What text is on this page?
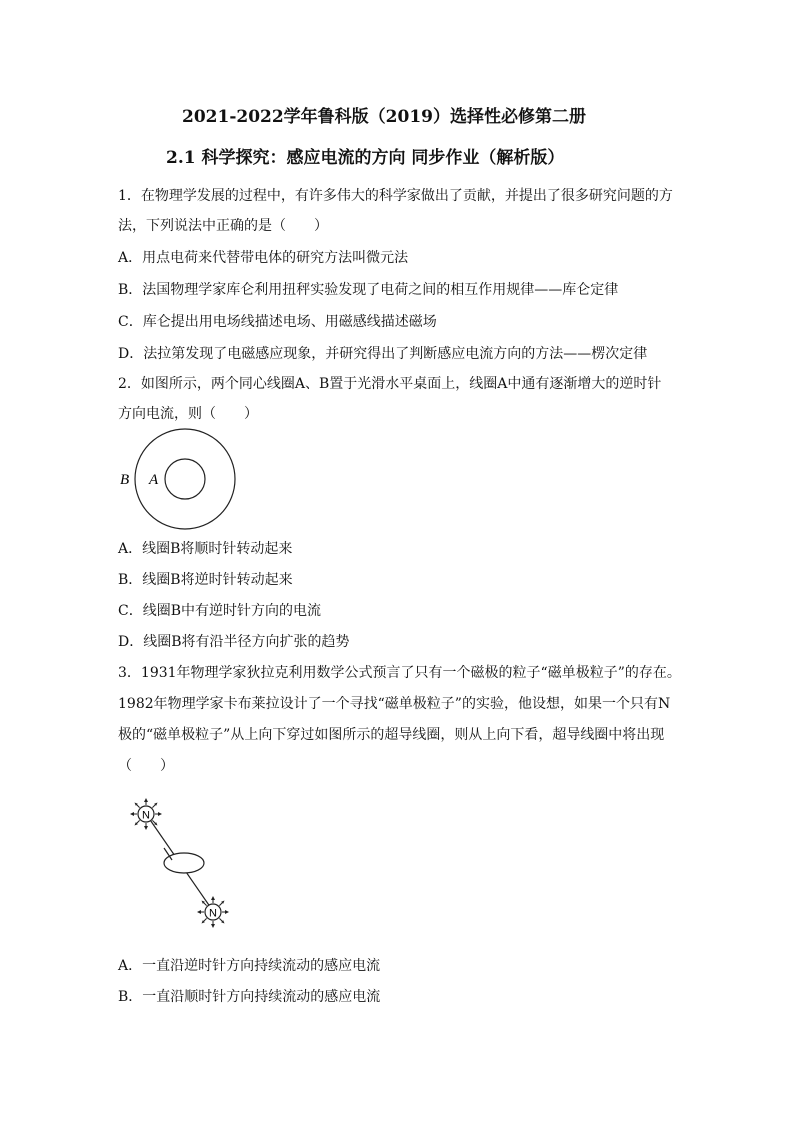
2021-2022学年鲁科版（2019）选择性必修第二册
2.1 科学探究：感应电流的方向 同步作业（解析版）
1．在物理学发展的过程中，有许多伟大的科学家做出了贡献，并提出了很多研究问题的方
法，下列说法中正确的是（　　）
A．用点电荷来代替带电体的研究方法叫微元法
B．法国物理学家库仑利用扭秤实验发现了电荷之间的相互作用规律——库仑定律
C．库仑提出用电场线描述电场、用磁感线描述磁场
D．法拉第发现了电磁感应现象，并研究得出了判断感应电流方向的方法——楞次定律
2．如图所示，两个同心线圈A、B置于光滑水平桌面上，线圈A中通有逐渐增大的逆时针
方向电流，则（　　）
B A
A．线圈B将顺时针转动起来
B．线圈B将逆时针转动起来
C．线圈B中有逆时针方向的电流
D．线圈B将有沿半径方向扩张的趋势
3．1931年物理学家狄拉克利用数学公式预言了只有一个磁极的粒子“磁单极粒子”的存在。
1982年物理学家卡布莱拉设计了一个寻找“磁单极粒子”的实验，他设想，如果一个只有N
极的“磁单极粒子”从上向下穿过如图所示的超导线圈，则从上向下看，超导线圈中将出现
（　　）
N
N
A．一直沿逆时针方向持续流动的感应电流
B．一直沿顺时针方向持续流动的感应电流
